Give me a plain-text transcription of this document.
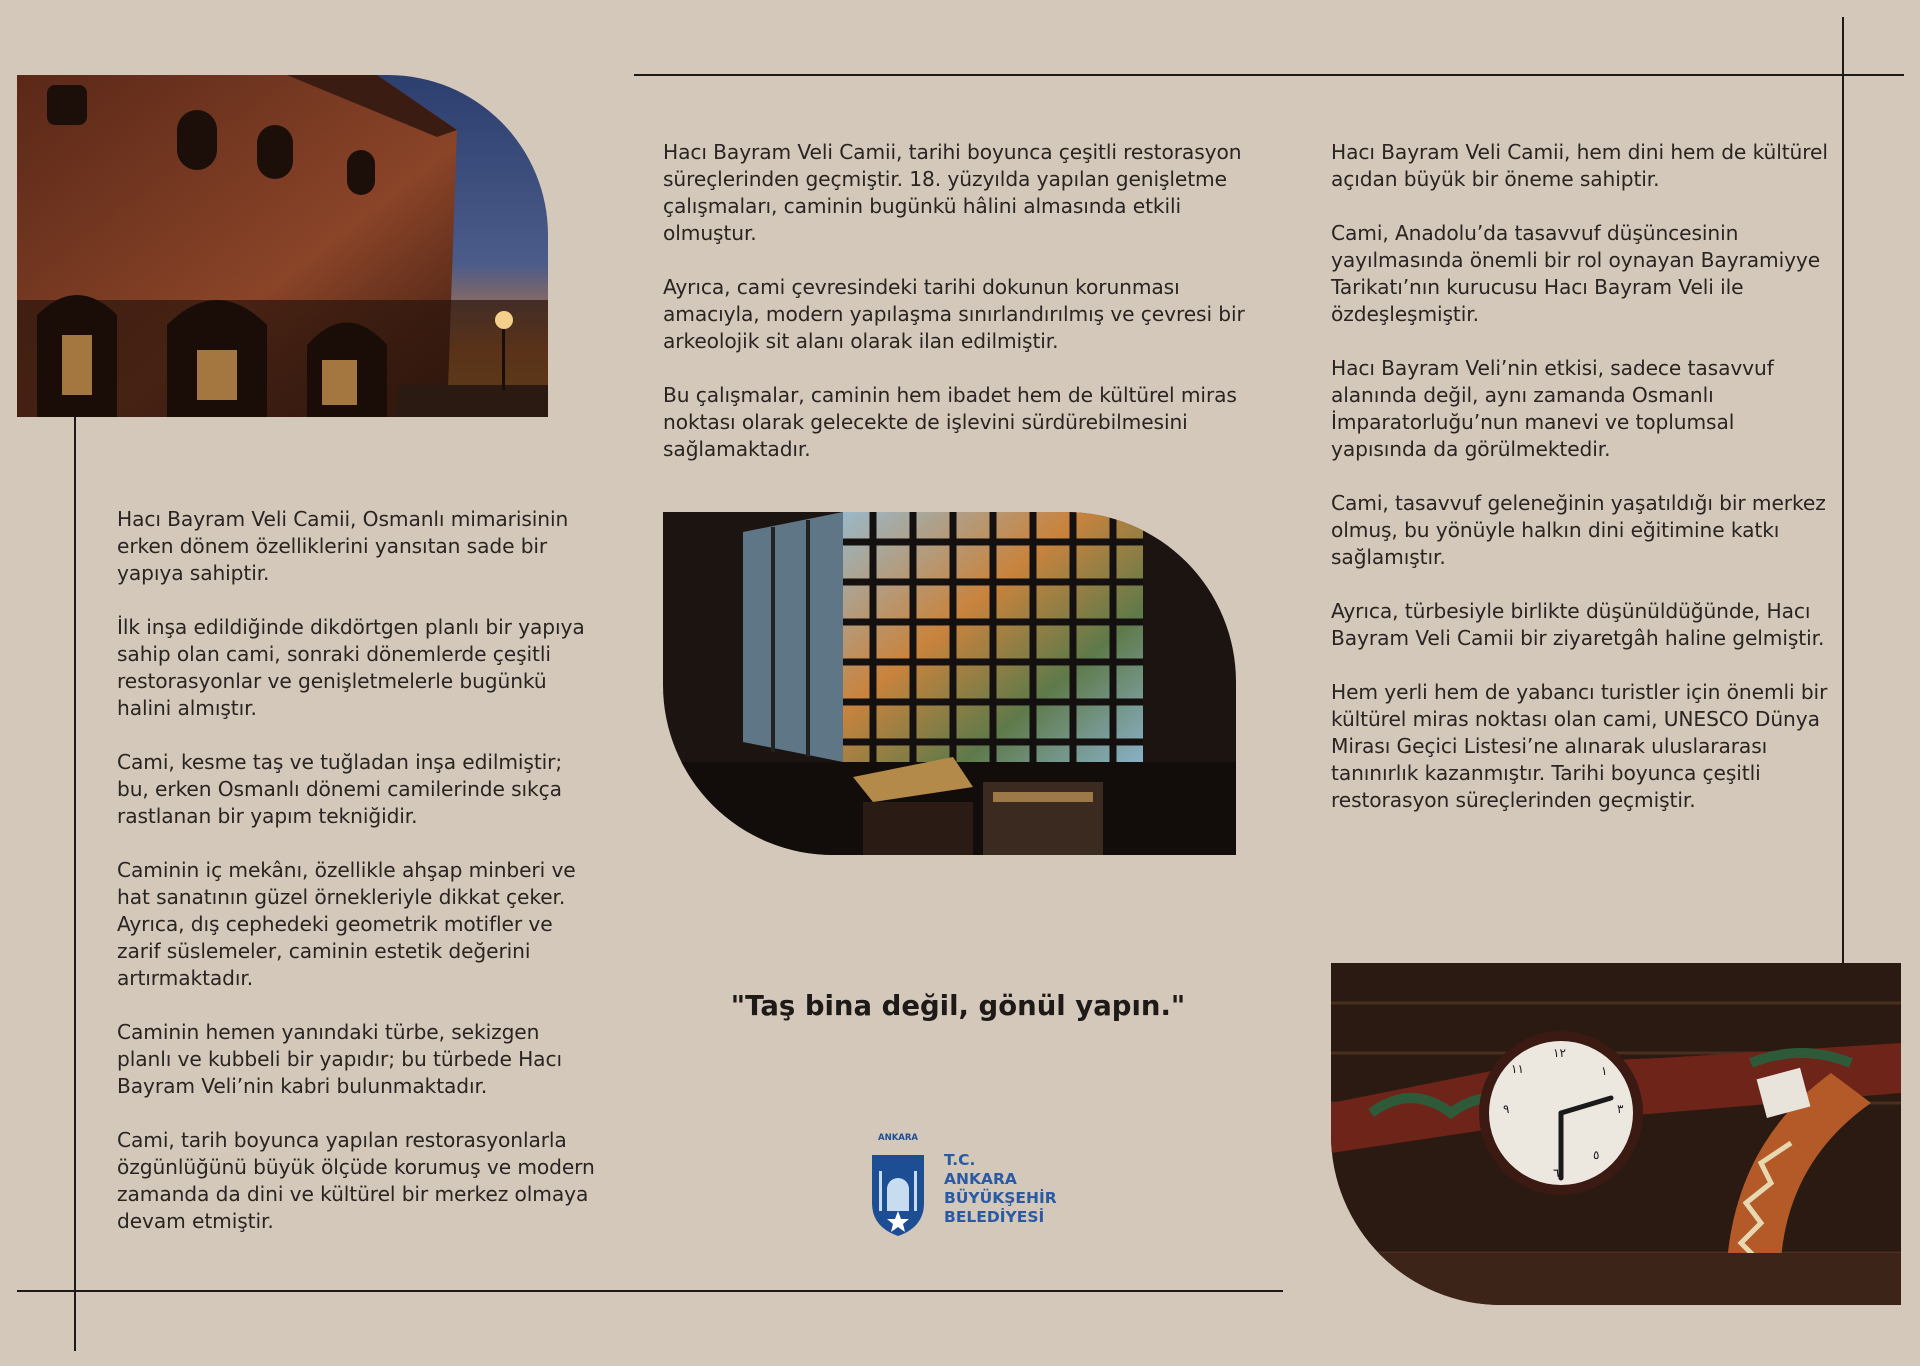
Hacı Bayram Veli Camii, Osmanlı mimarisinin erken dönem özelliklerini yansıtan sade bir yapıya sahiptir.

İlk inşa edildiğinde dikdörtgen planlı bir yapıya sahip olan cami, sonraki dönemlerde çeşitli restorasyonlar ve genişletmelerle bugünkü halini almıştır.

Cami, kesme taş ve tuğladan inşa edilmiştir; bu, erken Osmanlı dönemi camilerinde sıkça rastlanan bir yapım tekniğidir.

Caminin iç mekânı, özellikle ahşap minberi ve hat sanatının güzel örnekleriyle dikkat çeker. Ayrıca, dış cephedeki geometrik motifler ve zarif süslemeler, caminin estetik değerini artırmaktadır.

Caminin hemen yanındaki türbe, sekizgen planlı ve kubbeli bir yapıdır; bu türbede Hacı Bayram Veli’nin kabri bulunmaktadır.

Cami, tarih boyunca yapılan restorasyonlarla özgünlüğünü büyük ölçüde korumuş ve modern zamanda da dini ve kültürel bir merkez olmaya devam etmiştir.

Hacı Bayram Veli Camii, tarihi boyunca çeşitli restorasyon süreçlerinden geçmiştir. 18. yüzyılda yapılan genişletme çalışmaları, caminin bugünkü hâlini almasında etkili olmuştur.

Ayrıca, cami çevresindeki tarihi dokunun korunması amacıyla, modern yapılaşma sınırlandırılmış ve çevresi bir arkeolojik sit alanı olarak ilan edilmiştir.

Bu çalışmalar, caminin hem ibadet hem de kültürel miras noktası olarak gelecekte de işlevini sürdürebilmesini sağlamaktadır.

"Taş bina değil, gönül yapın."
ANKARA
T.C.
ANKARA
BÜYÜKŞEHİR
BELEDİYESİ

Hacı Bayram Veli Camii, hem dini hem de kültürel açıdan büyük bir öneme sahiptir.

Cami, Anadolu’da tasavvuf düşüncesinin yayılmasında önemli bir rol oynayan Bayramiyye Tarikatı’nın kurucusu Hacı Bayram Veli ile özdeşleşmiştir.

Hacı Bayram Veli’nin etkisi, sadece tasavvuf alanında değil, aynı zamanda Osmanlı İmparatorluğu’nun manevi ve toplumsal yapısında da görülmektedir.

Cami, tasavvuf geleneğinin yaşatıldığı bir merkez olmuş, bu yönüyle halkın dini eğitimine katkı sağlamıştır.

Ayrıca, türbesiyle birlikte düşünüldüğünde, Hacı Bayram Veli Camii bir ziyaretgâh haline gelmiştir.

Hem yerli hem de yabancı turistler için önemli bir kültürel miras noktası olan cami, UNESCO Dünya Mirası Geçici Listesi’ne alınarak uluslararası tanınırlık kazanmıştır. Tarihi boyunca çeşitli restorasyon süreçlerinden geçmiştir.

١٢
١
٣
٥
٦
٩
١١
